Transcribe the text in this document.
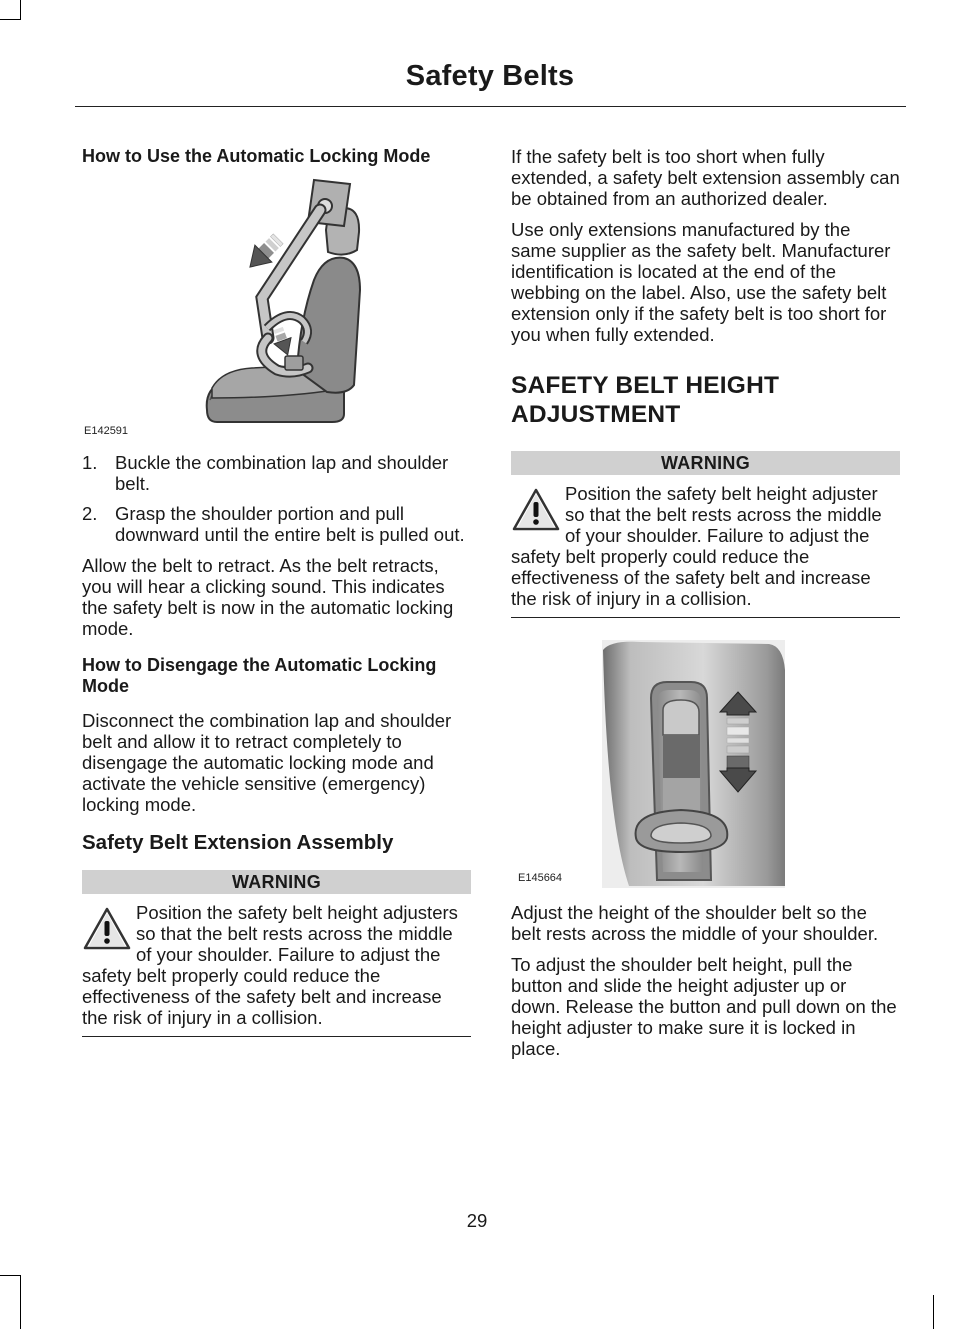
Safety Belts
How to Use the Automatic Locking Mode
E142591
1. Buckle the combination lap and shoulder belt.
2. Grasp the shoulder portion and pull downward until the entire belt is pulled out.

Allow the belt to retract. As the belt retracts, you will hear a clicking sound. This indicates the safety belt is now in the automatic locking mode.

How to Disengage the Automatic Locking Mode

Disconnect the combination lap and shoulder belt and allow it to retract completely to disengage the automatic locking mode and activate the vehicle sensitive (emergency) locking mode.

Safety Belt Extension Assembly
WARNING
Position the safety belt height adjusters so that the belt rests across the middle of your shoulder. Failure to adjust the safety belt properly could reduce the effectiveness of the safety belt and increase the risk of injury in a collision.

If the safety belt is too short when fully extended, a safety belt extension assembly can be obtained from an authorized dealer.

Use only extensions manufactured by the same supplier as the safety belt. Manufacturer identification is located at the end of the webbing on the label. Also, use the safety belt extension only if the safety belt is too short for you when fully extended.

SAFETY BELT HEIGHT
ADJUSTMENT
WARNING
Position the safety belt height adjuster so that the belt rests across the middle of your shoulder. Failure to adjust the safety belt properly could reduce the effectiveness of the safety belt and increase the risk of injury in a collision.
E145664

Adjust the height of the shoulder belt so the belt rests across the middle of your shoulder.

To adjust the shoulder belt height, pull the button and slide the height adjuster up or down. Release the button and pull down on the height adjuster to make sure it is locked in place.

29
